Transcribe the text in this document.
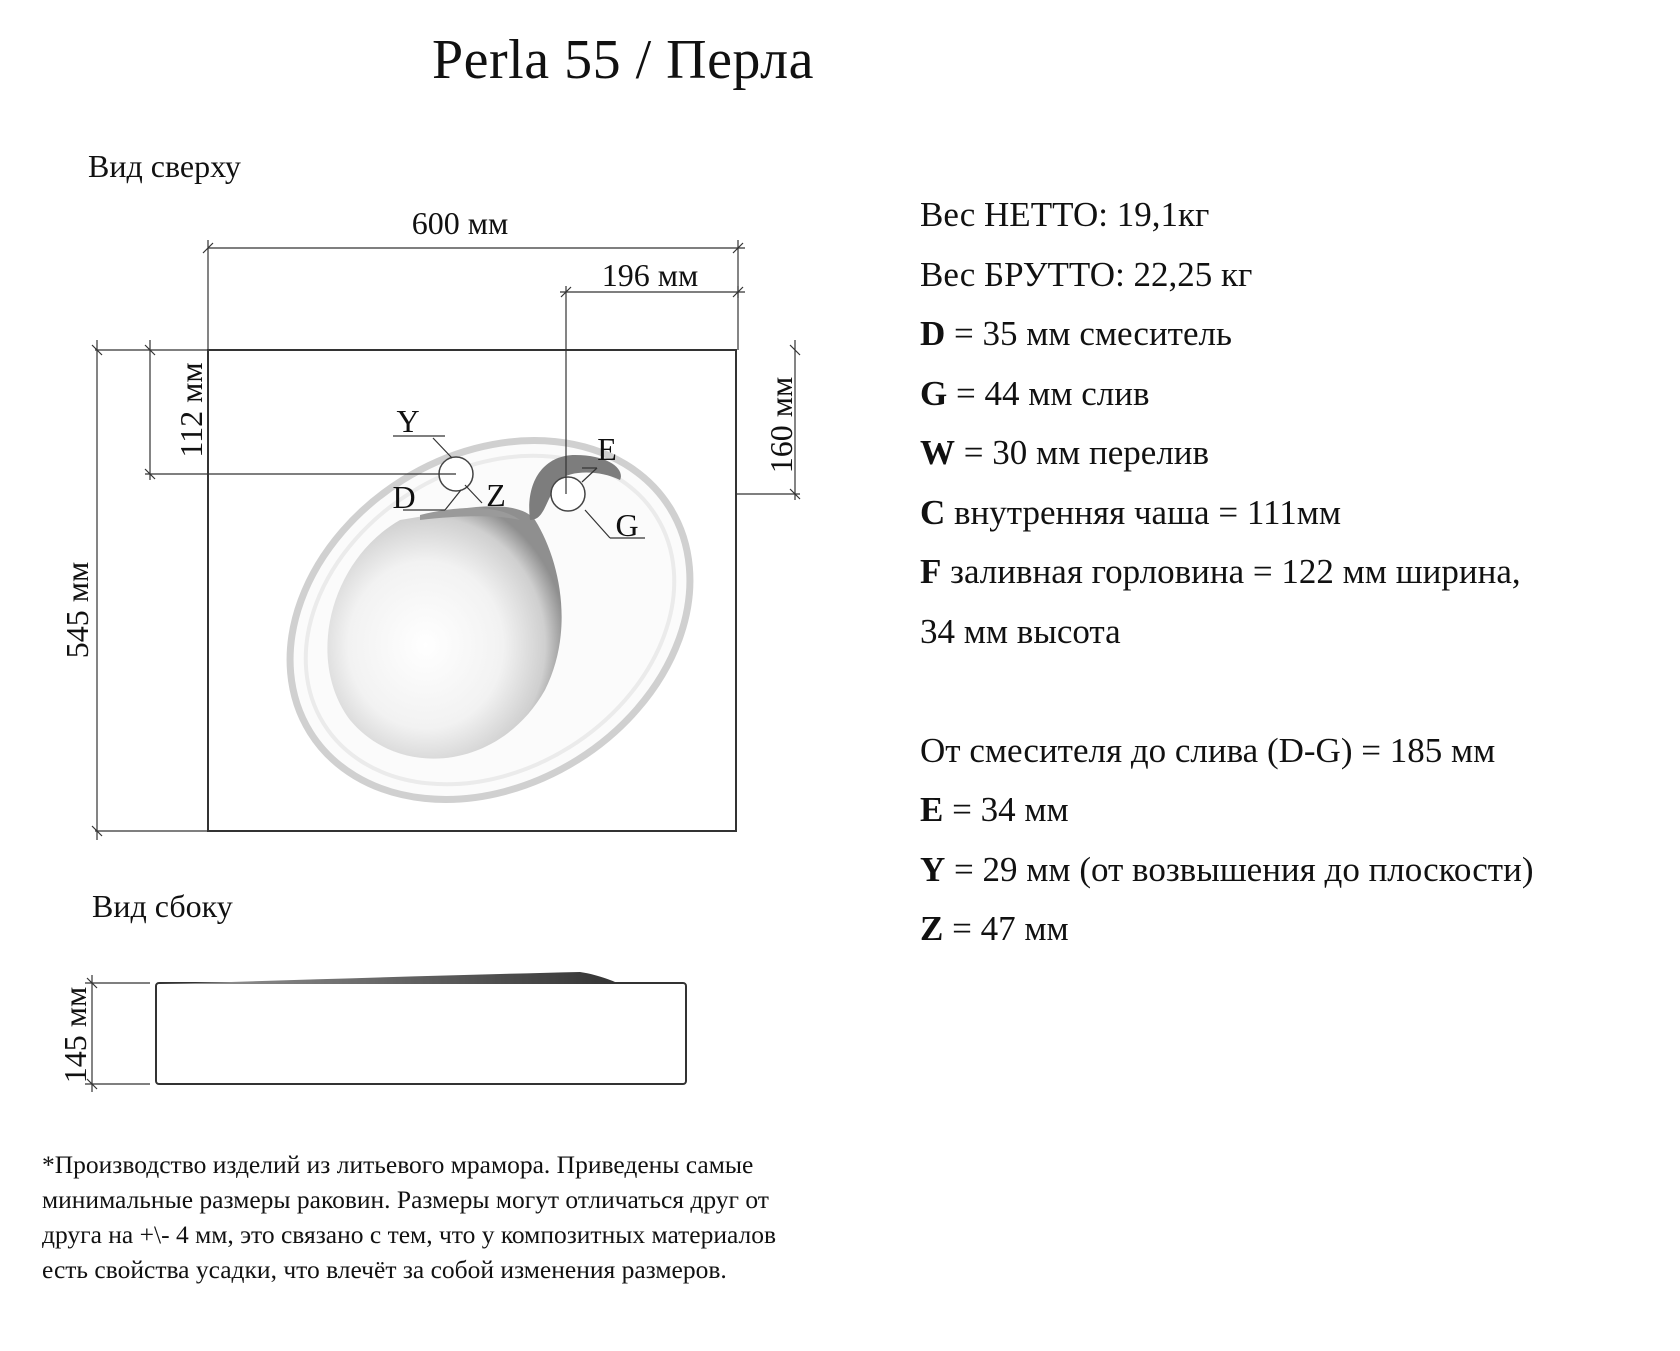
Perla 55 / Перла
Вид сверху
Вид сбоку
600 мм
196 мм
545 мм
112 мм	160 мм
145 мм
Y
D Z
E
G
Вес НЕТТО: 19,1кг
Вес БРУТТО: 22,25 кг
D = 35 мм смеситель
G = 44 мм слив
W = 30 мм перелив
C внутренняя чаша = 111мм
F заливная горловина = 122 мм ширина,
34 мм высота
От смесителя до слива (D-G) = 185 мм
E = 34 мм
Y = 29 мм (от возвышения до плоскости)
Z = 47 мм
*Производство изделий из литьевого мрамора. Приведены самые
минимальные размеры раковин. Размеры могут отличаться друг от
друга на +\- 4 мм, это связано с тем, что у композитных материалов
есть свойства усадки, что влечёт за собой изменения размеров.
